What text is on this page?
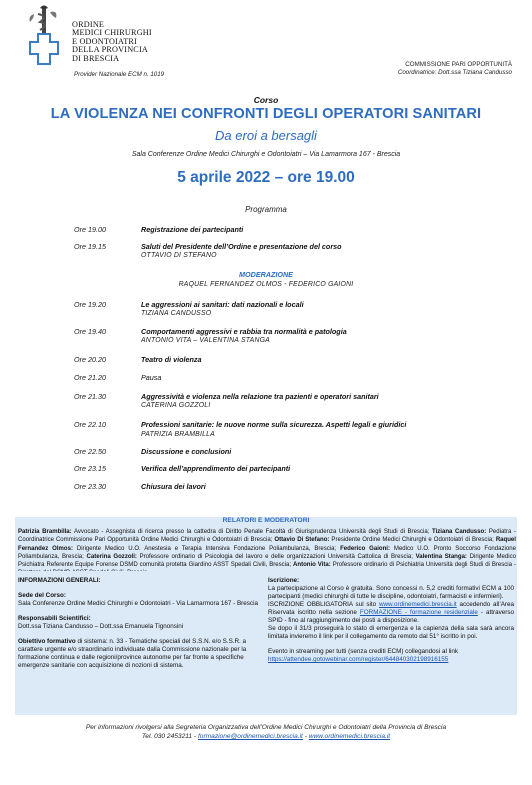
ORDINE
MEDICI CHIRURGHI
E ODONTOIATRI
DELLA PROVINCIA
DI BRESCIA
Provider Nazionale ECM n. 1019
COMMISSIONE PARI OPPORTUNITÀ
Coordinatrice: Dott.ssa Tiziana Candusso
Corso
LA VIOLENZA NEI CONFRONTI DEGLI OPERATORI SANITARI
Da eroi a bersagli
Sala Conferenze Ordine Medici Chirurghi e Odontoiatri – Via Lamarmora 167 - Brescia
5 aprile 2022 – ore 19.00
Programma
Ore 19.00	Registrazione dei partecipanti
Ore 19.15	Saluti del Presidente dell’Ordine e presentazione del corso
OTTAVIO DI STEFANO
MODERAZIONE
RAQUEL FERNANDEZ OLMOS - FEDERICO GAIONI
Ore 19.20	Le aggressioni ai sanitari: dati nazionali e locali
TIZIANA CANDUSSO
Ore 19.40	Comportamenti aggressivi e rabbia tra normalità e patologia
ANTONIO VITA – VALENTINA STANGA
Ore 20.20	Teatro di violenza
Ore 21.20	Pausa
Ore 21.30	Aggressività e violenza nella relazione tra pazienti e operatori sanitari
CATERINA GOZZOLI
Ore 22.10	Professioni sanitarie: le nuove norme sulla sicurezza. Aspetti legali e giuridici
PATRIZIA BRAMBILLA
Ore 22.50	Discussione e conclusioni
Ore 23.15	Verifica dell’apprendimento dei partecipanti
Ore 23.30	Chiusura dei lavori
RELATORI E MODERATORI
Patrizia Brambilla: Avvocato - Assegnista di ricerca presso la cattedra di Diritto Penale Facoltà di Giurisprudenza Università degli Studi di Brescia; Tiziana Candusso: Pediatra - Coordinatrice Commissione Pari Opportunità Ordine Medici Chirurghi e Odontoiatri di Brescia; Ottavio Di Stefano: Presidente Ordine Medici Chirurghi e Odontoiatri di Brescia; Raquel Fernandez Olmos: Dirigente Medico U.O. Anestesia e Terapia Intensiva Fondazione Poliambulanza, Brescia; Federico Gaioni: Medico U.O. Pronto Soccorso Fondazione Poliambulanza, Brescia; Caterina Gozzoli: Professore ordinario di Psicologia del lavoro e delle organizzazioni Università Cattolica di Brescia; Valentina Stanga: Dirigente Medico Psichiatra Referente Equipe Forense DSMD comunità protetta Giardino ASST Spedali Civili, Brescia; Antonio Vita: Professore ordinario di Psichiatria Università degli Studi di Brescia -
INFORMAZIONI GENERALI:
Sede del Corso:
Sala Conferenze Ordine Medici Chirurghi e Odontoiatri - Via Lamarmora 167 - Brescia
Responsabili Scientifici:
Dott.ssa Tiziana Candusso – Dott.ssa Emanuela Tignonsini
Obiettivo formativo di sistema: n. 33 - Tematiche speciali del S.S.N. e/o S.S.R. a carattere urgente e/o straordinario individuate dalla Commissione nazionale per la formazione continua e dalle regioni/province autonome per far fronte a specifiche emergenze sanitarie con acquisizione di nozioni di sistema.
Iscrizione:
La partecipazione al Corso è gratuita. Sono concessi n. 5,2 crediti formativi ECM a 100 partecipanti (medici chirurghi di tutte le discipline, odontoiatri, farmacisti e infermieri).
ISCRIZIONE OBBLIGATORIA sul sito www.ordinemedici.brescia.it accedendo all’Area Riservata iscritto nella sezione FORMAZIONE - formazione residenziale - attraverso SPID - fino al raggiungimento dei posti a disposizione.
Se dopo il 31/3 proseguirà lo stato di emergenza e la capienza della sala sarà ancora limitata invieremo il link per il collegamento da remoto dal 51° iscritto in poi.
Evento in streaming per tutti (senza crediti ECM) collegandosi al link
https://attendee.gotowebinar.com/register/644840302198916155
Per informazioni rivolgersi alla Segreteria Organizzativa dell’Ordine Medici Chirurghi e Odontoiatri della Provincia di Brescia
Tel. 030 2453211 - formazione@ordinemedici.brescia.it - www.ordinemedici.brescia.it
